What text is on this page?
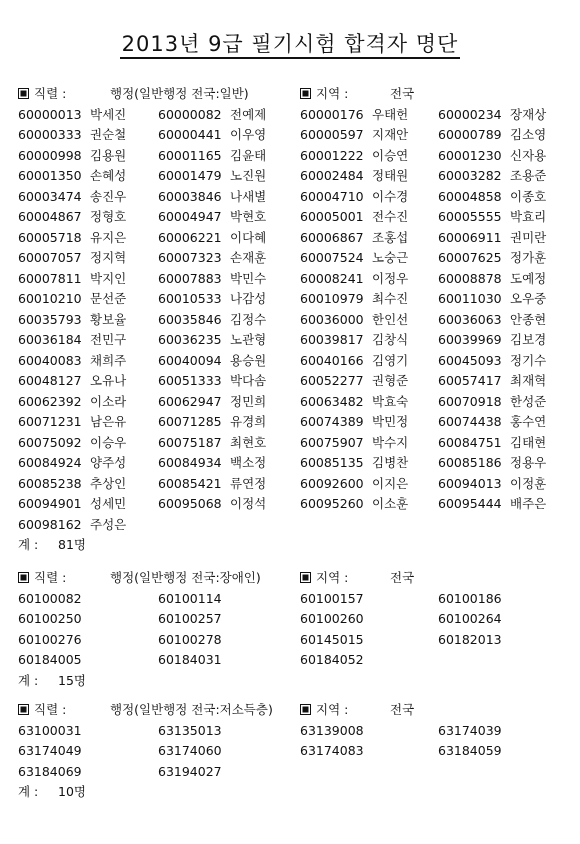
2013년 9급 필기시험 합격자 명단
직렬 :	행정(일반행정 전국:일반)	지역 :	전국
60000013 박세진	60000082 전예제	60000176 우태헌 60000234 장재상
60000333 권순철	60000441 이우영	60000597 지재안 60000789 김소영
60000998 김용원	60001165 김윤태	60001222 이승연 60001230 신자용
60001350 손혜성	60001479 노진원	60002484 정태원 60003282 조용준
60003474 송진우	60003846 나새별	60004710 이수경 60004858 이종호
60004867 정형호	60004947 박현호	60005001 전수진 60005555 박효리
60005718 유지은	60006221 이다혜	60006867 조홍섭 60006911 권미란
60007057 정지혁	60007323 손재훈	60007524 노숭근 60007625 정가훈
60007811 박지인	60007883 박민수	60008241 이정우 60008878 도예정
60010210 문선준	60010533 나감성	60010979 최수진 60011030 오우중
60035793 황보율	60035846 김정수	60036000 한인선 60036063 안종현
60036184 전민구	60036235 노관형	60039817 김창식 60039969 김보경
60040083 채희주	60040094 용승원	60040166 김영기 60045093 정기수
60048127 오유나	60051333 박다솜	60052277 권형준 60057417 최재혁
60062392 이소라	60062947 정민희	60063482 박효숙 60070918 한성준
60071231 남은유	60071285 유경희	60074389 박민정 60074438 홍수연
60075092 이승우	60075187 최현호	60075907 박수지 60084751 김태현
60084924 양주성	60084934 백소정	60085135 김병찬 60085186 정용우
60085238 추상인	60085421 류연정	60092600 이지은 60094013 이정훈
60094901 성세민	60095068 이정석	60095260 이소훈 60095444 배주은
60098162 주성은
계 : 81명
직렬 :	행정(일반행정 전국:장애인)	지역 :	전국
60100082	60100114	60100157	60100186
60100250	60100257	60100260	60100264
60100276	60100278	60145015	60182013
60184005	60184031	60184052
계 : 15명
직렬 :	행정(일반행정 전국:저소득층)	지역 :	전국
63100031	63135013	63139008	63174039
63174049	63174060	63174083	63184059
63184069	63194027
계 : 10명
